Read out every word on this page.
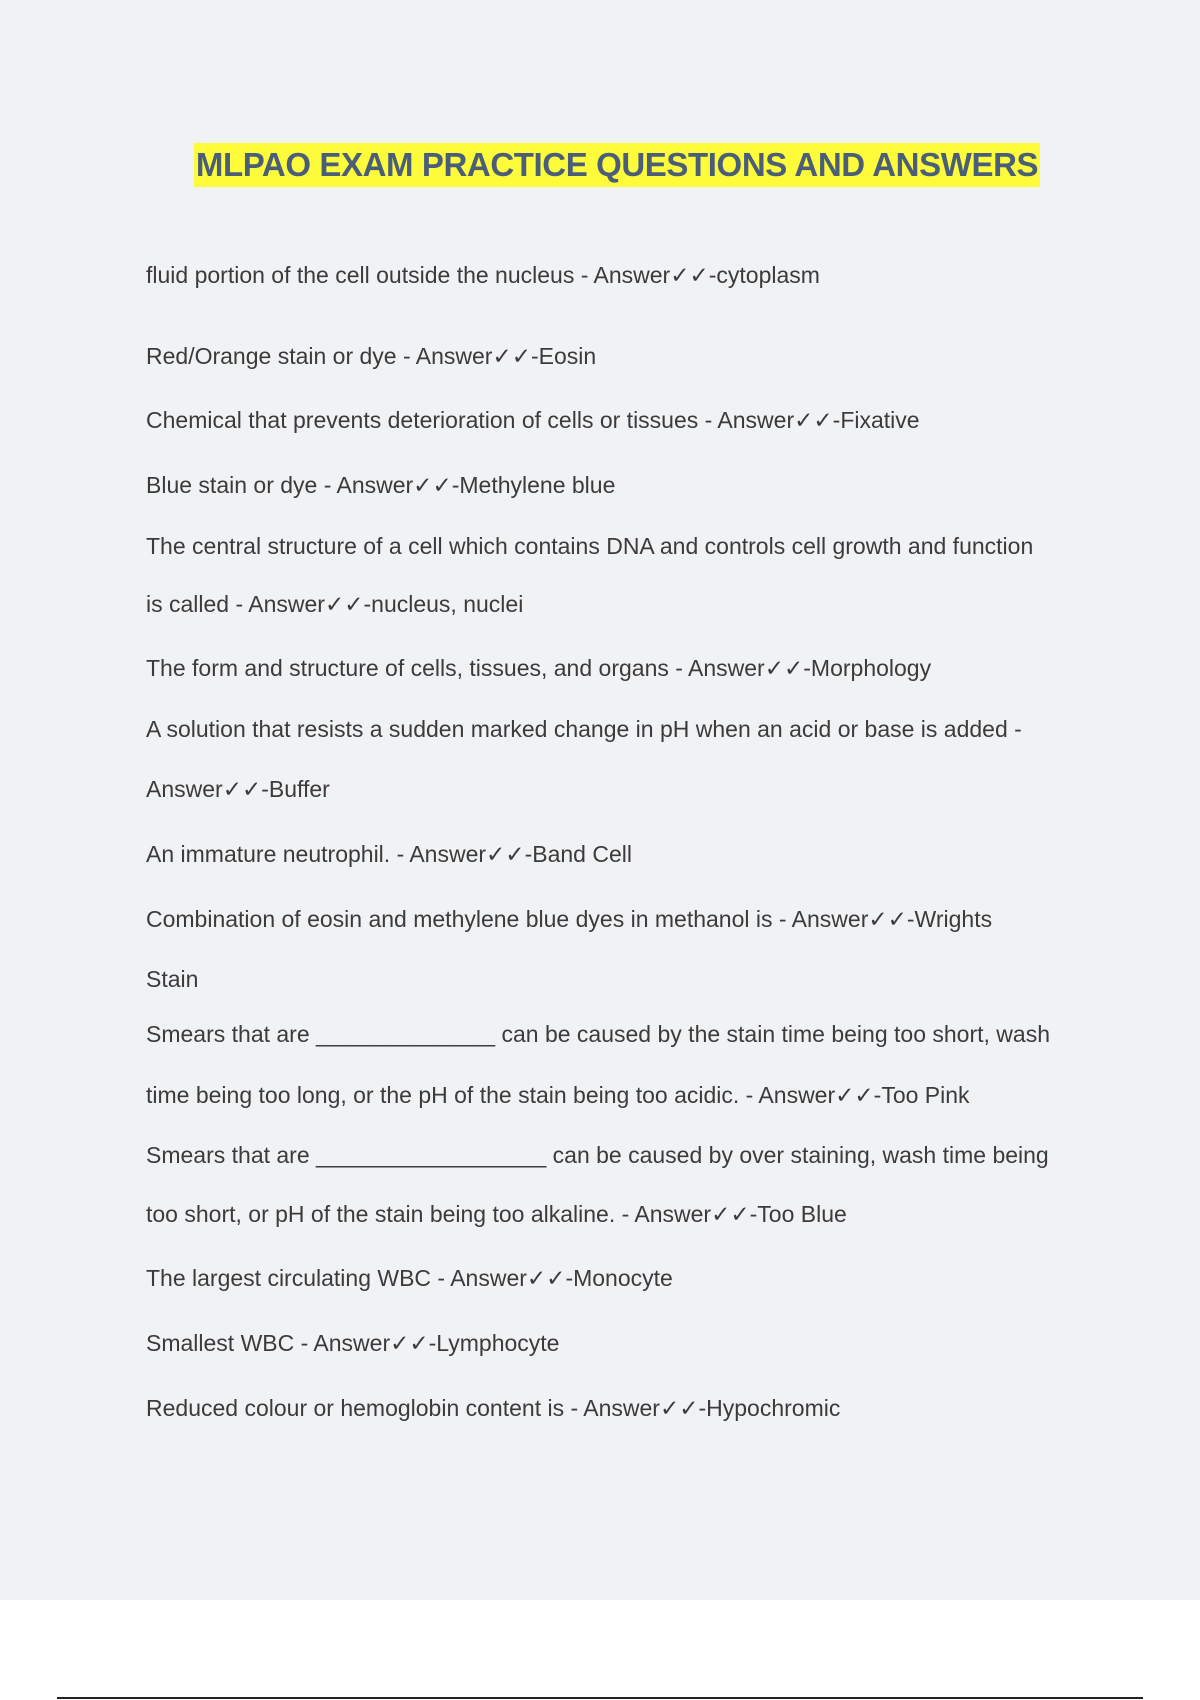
MLPAO EXAM PRACTICE QUESTIONS AND ANSWERS
fluid portion of the cell outside the nucleus - Answer✓✓-cytoplasm
Red/Orange stain or dye - Answer✓✓-Eosin
Chemical that prevents deterioration of cells or tissues - Answer✓✓-Fixative
Blue stain or dye - Answer✓✓-Methylene blue
The central structure of a cell which contains DNA and controls cell growth and function
is called - Answer✓✓-nucleus, nuclei
The form and structure of cells, tissues, and organs - Answer✓✓-Morphology
A solution that resists a sudden marked change in pH when an acid or base is added -
Answer✓✓-Buffer
An immature neutrophil. - Answer✓✓-Band Cell
Combination of eosin and methylene blue dyes in methanol is - Answer✓✓-Wrights
Stain
Smears that are ______________ can be caused by the stain time being too short, wash
time being too long, or the pH of the stain being too acidic. - Answer✓✓-Too Pink
Smears that are __________________ can be caused by over staining, wash time being
too short, or pH of the stain being too alkaline. - Answer✓✓-Too Blue
The largest circulating WBC - Answer✓✓-Monocyte
Smallest WBC - Answer✓✓-Lymphocyte
Reduced colour or hemoglobin content is - Answer✓✓-Hypochromic
